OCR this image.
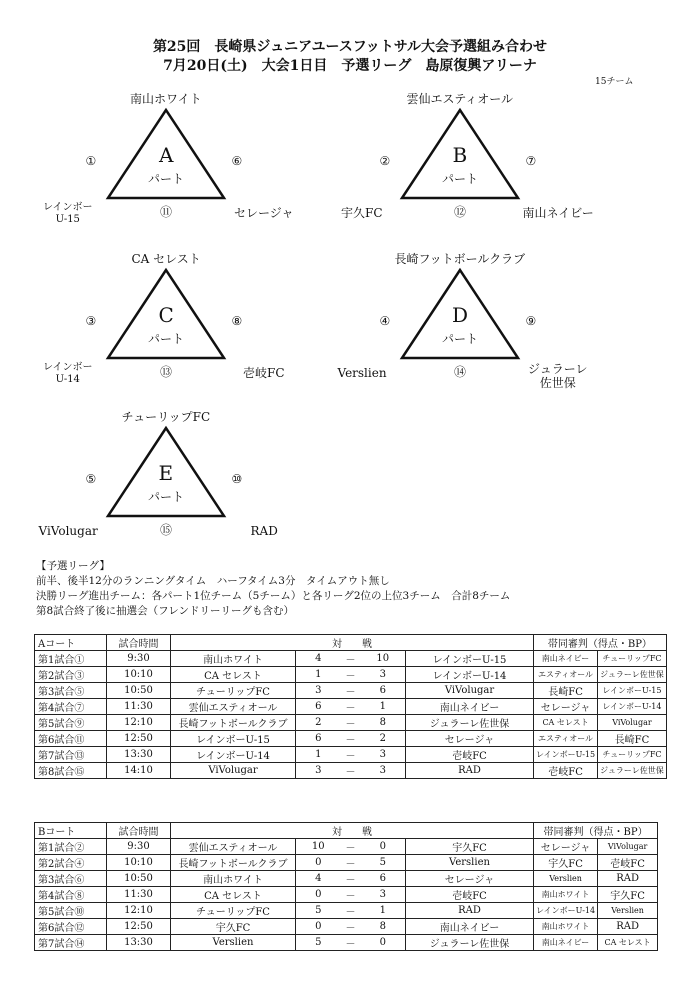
第25回　長崎県ジュニアユースフットサル大会予選組み合わせ
7月20日(土)　大会1日目　予選リーグ　島原復興アリーナ
15チーム
【予選リーグ】
前半、後半12分のランニングタイム　ハーフタイム3分　タイムアウト無し
決勝リーグ進出チーム：各パート1位チーム（5チーム）と各リーグ2位の上位3チーム　合計8チーム
第8試合終了後に抽選会（フレンドリーリーグも含む）
Aコート	試合時間	対　　戦					帯同審判（得点・BP）	
第1試合①	9:30	南山ホワイト	4	－	10	レインボーU-15	南山ネイビー	チューリップFC
第2試合③	10:10	CA セレスト	1	－	3	レインボーU-14	エスティオール	ジュラーレ佐世保
第3試合⑤	10:50	チューリップFC	3	－	6	ViVolugar	長崎FC	レインボーU-15
第4試合⑦	11:30	雲仙エスティオール	6	－	1	南山ネイビー	セレージャ	レインボーU-14
第5試合⑨	12:10	長崎フットボールクラブ	2	－	8	ジュラーレ佐世保	CA セレスト	ViVolugar
第6試合⑪	12:50	レインボーU-15	6	－	2	セレージャ	エスティオール	長崎FC
第7試合⑬	13:30	レインボーU-14	1	－	3	壱岐FC	レインボーU-15	チューリップFC
第8試合⑮	14:10	ViVolugar	3	－	3	RAD	壱岐FC	ジュラーレ佐世保
Bコート	試合時間	対　　戦					帯同審判（得点・BP）	
第1試合②	9:30	雲仙エスティオール	10	－	0	宇久FC	セレージャ	ViVolugar
第2試合④	10:10	長崎フットボールクラブ	0	－	5	Verslien	宇久FC	壱岐FC
第3試合⑥	10:50	南山ホワイト	4	－	6	セレージャ	Verslien	RAD
第4試合⑧	11:30	CA セレスト	0	－	3	壱岐FC	南山ホワイト	宇久FC
第5試合⑩	12:10	チューリップFC	5	－	1	RAD	レインボーU-14	Verslien
第6試合⑫	12:50	宇久FC	0	－	8	南山ネイビー	南山ホワイト	RAD
第7試合⑭	13:30	Verslien	5	－	0	ジュラーレ佐世保	南山ネイビー	CA セレスト
南山ホワイト
A
パート
①	⑥
⑪
レインボー
U-15	セレージャ
雲仙エスティオール
B
パート
②	⑦
⑫
宇久FC	南山ネイビー
CA セレスト
C
パート
③	⑧
⑬
レインボー
U-14	壱岐FC
長崎フットボールクラブ
D
パート
④	⑨
⑭
Verslien	ジュラーレ
佐世保
チューリップFC
E
パート
⑤	⑩
⑮
ViVolugar	RAD
